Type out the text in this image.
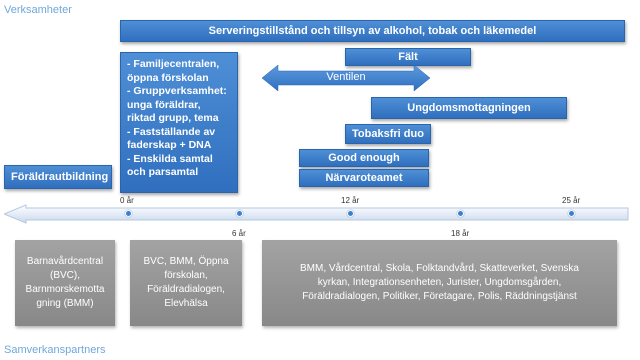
Verksamheter
Samverkanspartners
Serveringstillstånd och tillsyn av alkohol, tobak och läkemedel
Fält
Ventilen
Ungdomsmottagningen
Tobaksfri duo
Good enough
Närvaroteamet
Föräldrautbildning
- Familjecentralen, öppna förskolan
- Gruppverksamhet: unga föräldrar, riktad grupp, tema
- Fastställande av faderskap + DNA
- Enskilda samtal och parsamtal
0 år
6 år
12 år
18 år
25 år
Barnavårdcentral
(BVC),
Barnmorskemotta
gning (BMM)
BVC, BMM, Öppna
förskolan,
Föräldradialogen,
Elevhälsa
BMM, Vårdcentral, Skola, Folktandvård, Skatteverket, Svenska
kyrkan, Integrationsenheten, Jurister, Ungdomsgården,
Föräldradialogen, Politiker, Företagare, Polis, Räddningstjänst
